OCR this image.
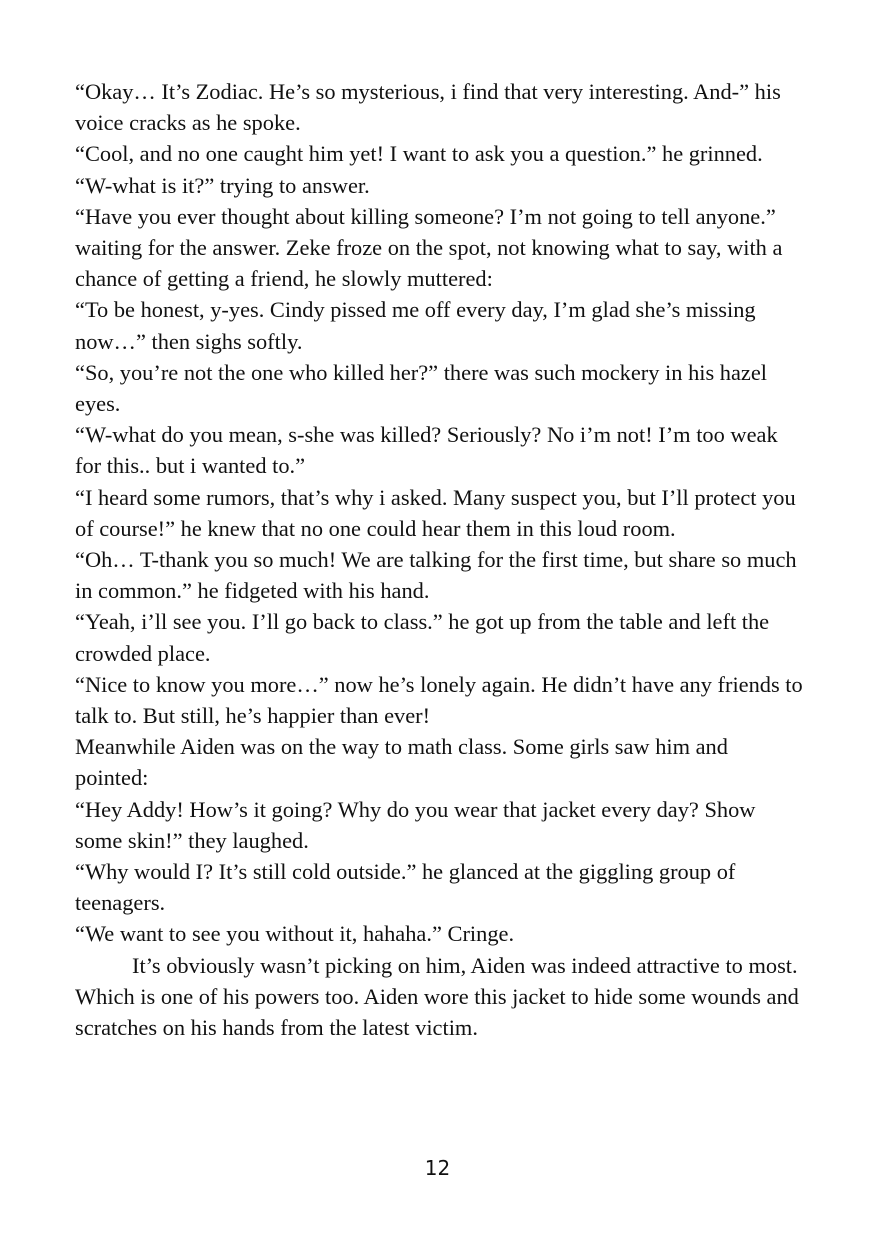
“Okay… It’s Zodiac. He’s so mysterious, i find that very interesting. And-” his voice cracks as he spoke.

“Cool, and no one caught him yet! I want to ask you a question.” he grinned.

“W-what is it?” trying to answer.

“Have you ever thought about killing someone? I’m not going to tell anyone.” waiting for the answer. Zeke froze on the spot, not knowing what to say, with a chance of getting a friend, he slowly muttered:

“To be honest, y-yes. Cindy pissed me off every day, I’m glad she’s missing now…” then sighs softly.

“So, you’re not the one who killed her?” there was such mockery in his hazel eyes.

“W-what do you mean, s-she was killed? Seriously? No i’m not! I’m too weak for this.. but i wanted to.”

“I heard some rumors, that’s why i asked. Many suspect you, but I’ll protect you of course!” he knew that no one could hear them in this loud room.

“Oh… T-thank you so much! We are talking for the first time, but share so much in common.” he fidgeted with his hand.

“Yeah, i’ll see you. I’ll go back to class.” he got up from the table and left the crowded place.

“Nice to know you more…” now he’s lonely again. He didn’t have any friends to talk to. But still, he’s happier than ever!

Meanwhile Aiden was on the way to math class. Some girls saw him and pointed:

“Hey Addy! How’s it going? Why do you wear that jacket every day? Show some skin!” they laughed.

“Why would I? It’s still cold outside.” he glanced at the giggling group of teenagers.

“We want to see you without it, hahaha.” Cringe.

It’s obviously wasn’t picking on him, Aiden was indeed attractive to most. Which is one of his powers too. Aiden wore this jacket to hide some wounds and scratches on his hands from the latest victim.

12
